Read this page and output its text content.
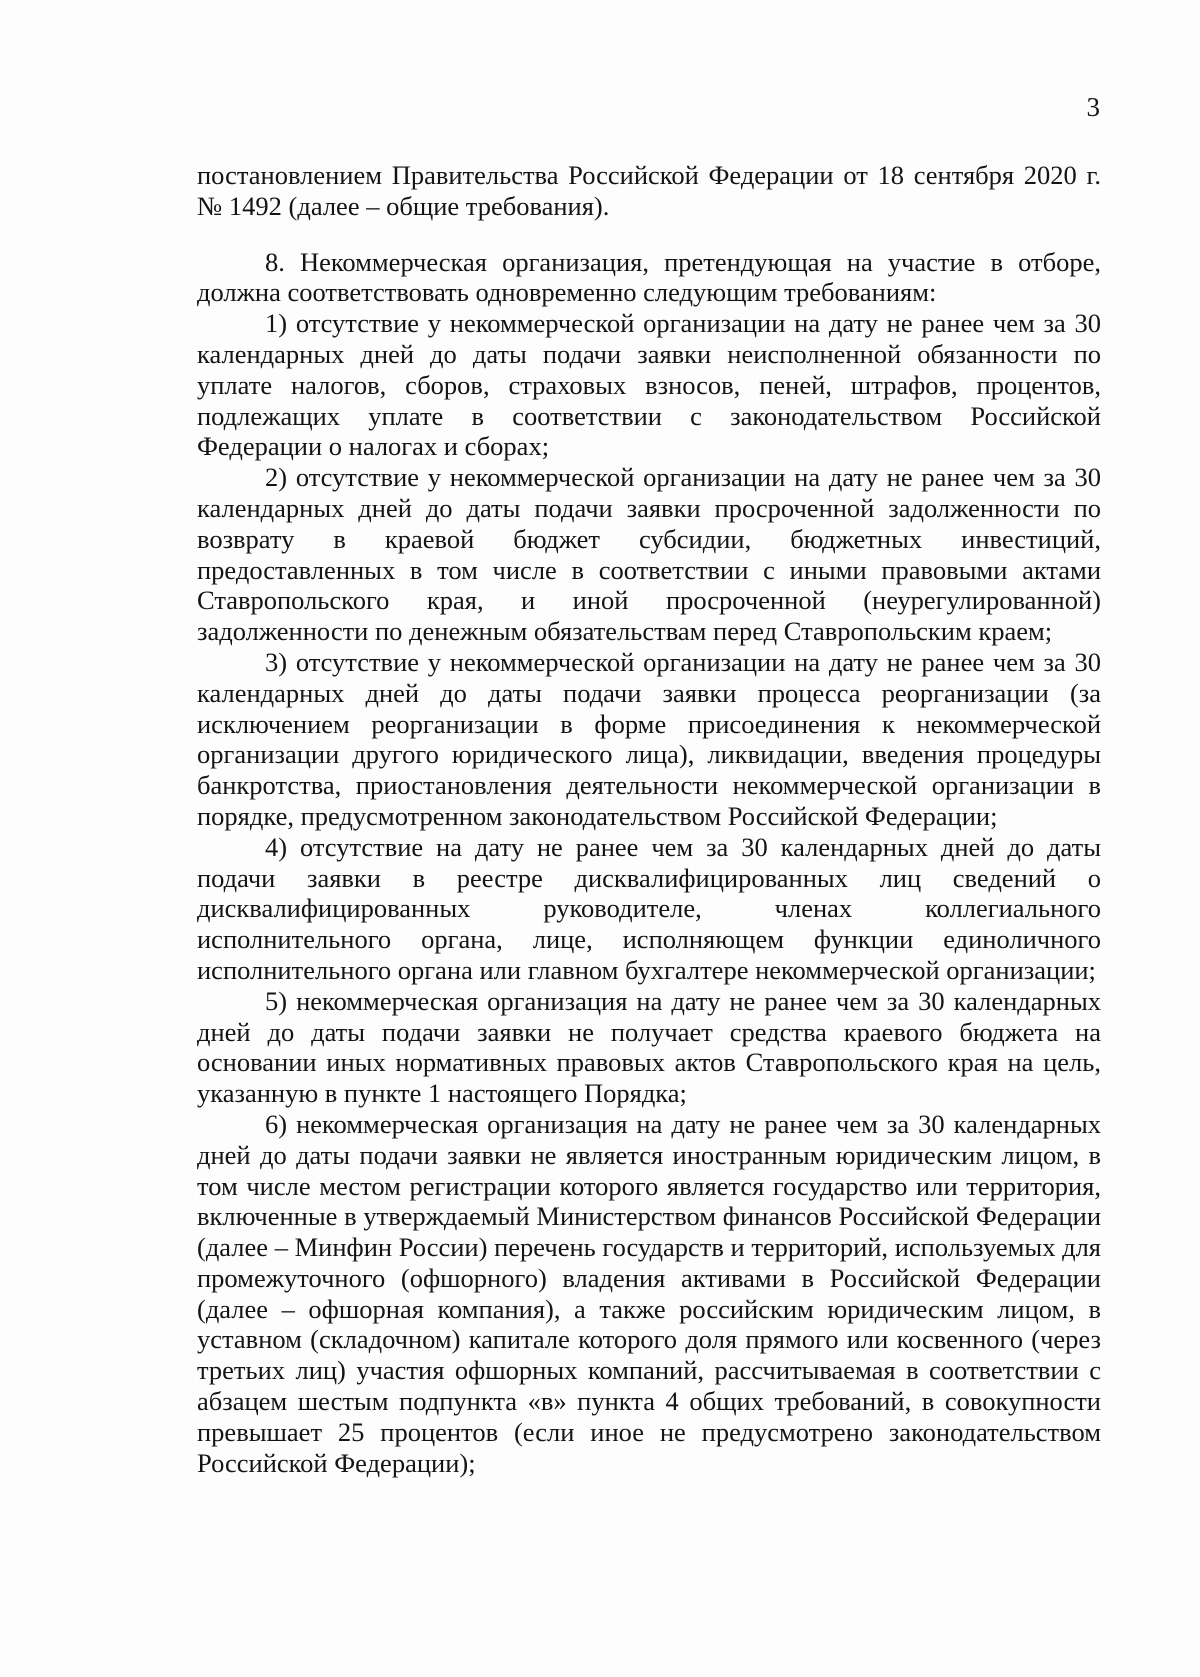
3

постановлением Правительства Российской Федерации от 18 сентября 2020 г. № 1492 (далее – общие требования).

8. Некоммерческая организация, претендующая на участие в отборе, должна соответствовать одновременно следующим требованиям:

1) отсутствие у некоммерческой организации на дату не ранее чем за 30 календарных дней до даты подачи заявки неисполненной обязанности по уплате налогов, сборов, страховых взносов, пеней, штрафов, процентов, подлежащих уплате в соответствии с законодательством Российской Федерации о налогах и сборах;

2) отсутствие у некоммерческой организации на дату не ранее чем за 30 календарных дней до даты подачи заявки просроченной задолженности по возврату в краевой бюджет субсидии, бюджетных инвестиций, предоставленных в том числе в соответствии с иными правовыми актами Ставропольского края, и иной просроченной (неурегулированной) задолженности по денежным обязательствам перед Ставропольским краем;

3) отсутствие у некоммерческой организации на дату не ранее чем за 30 календарных дней до даты подачи заявки процесса реорганизации (за исключением реорганизации в форме присоединения к некоммерческой организации другого юридического лица), ликвидации, введения процедуры банкротства, приостановления деятельности некоммерческой организации в порядке, предусмотренном законодательством Российской Федерации;

4) отсутствие на дату не ранее чем за 30 календарных дней до даты подачи заявки в реестре дисквалифицированных лиц сведений о дисквалифицированных руководителе, членах коллегиального исполнительного органа, лице, исполняющем функции единоличного исполнительного органа или главном бухгалтере некоммерческой организации;

5) некоммерческая организация на дату не ранее чем за 30 календарных дней до даты подачи заявки не получает средства краевого бюджета на основании иных нормативных правовых актов Ставропольского края на цель, указанную в пункте 1 настоящего Порядка;

6) некоммерческая организация на дату не ранее чем за 30 календарных дней до даты подачи заявки не является иностранным юридическим лицом, в том числе местом регистрации которого является государство или территория, включенные в утверждаемый Министерством финансов Российской Федерации (далее – Минфин России) перечень государств и территорий, используемых для промежуточного (офшорного) владения активами в Российской Федерации (далее – офшорная компания), а также российским юридическим лицом, в уставном (складочном) капитале которого доля прямого или косвенного (через третьих лиц) участия офшорных компаний, рассчитываемая в соответствии с абзацем шестым подпункта «в» пункта 4 общих требований, в совокупности превышает 25 процентов (если иное не предусмотрено законодательством Российской Федерации);
